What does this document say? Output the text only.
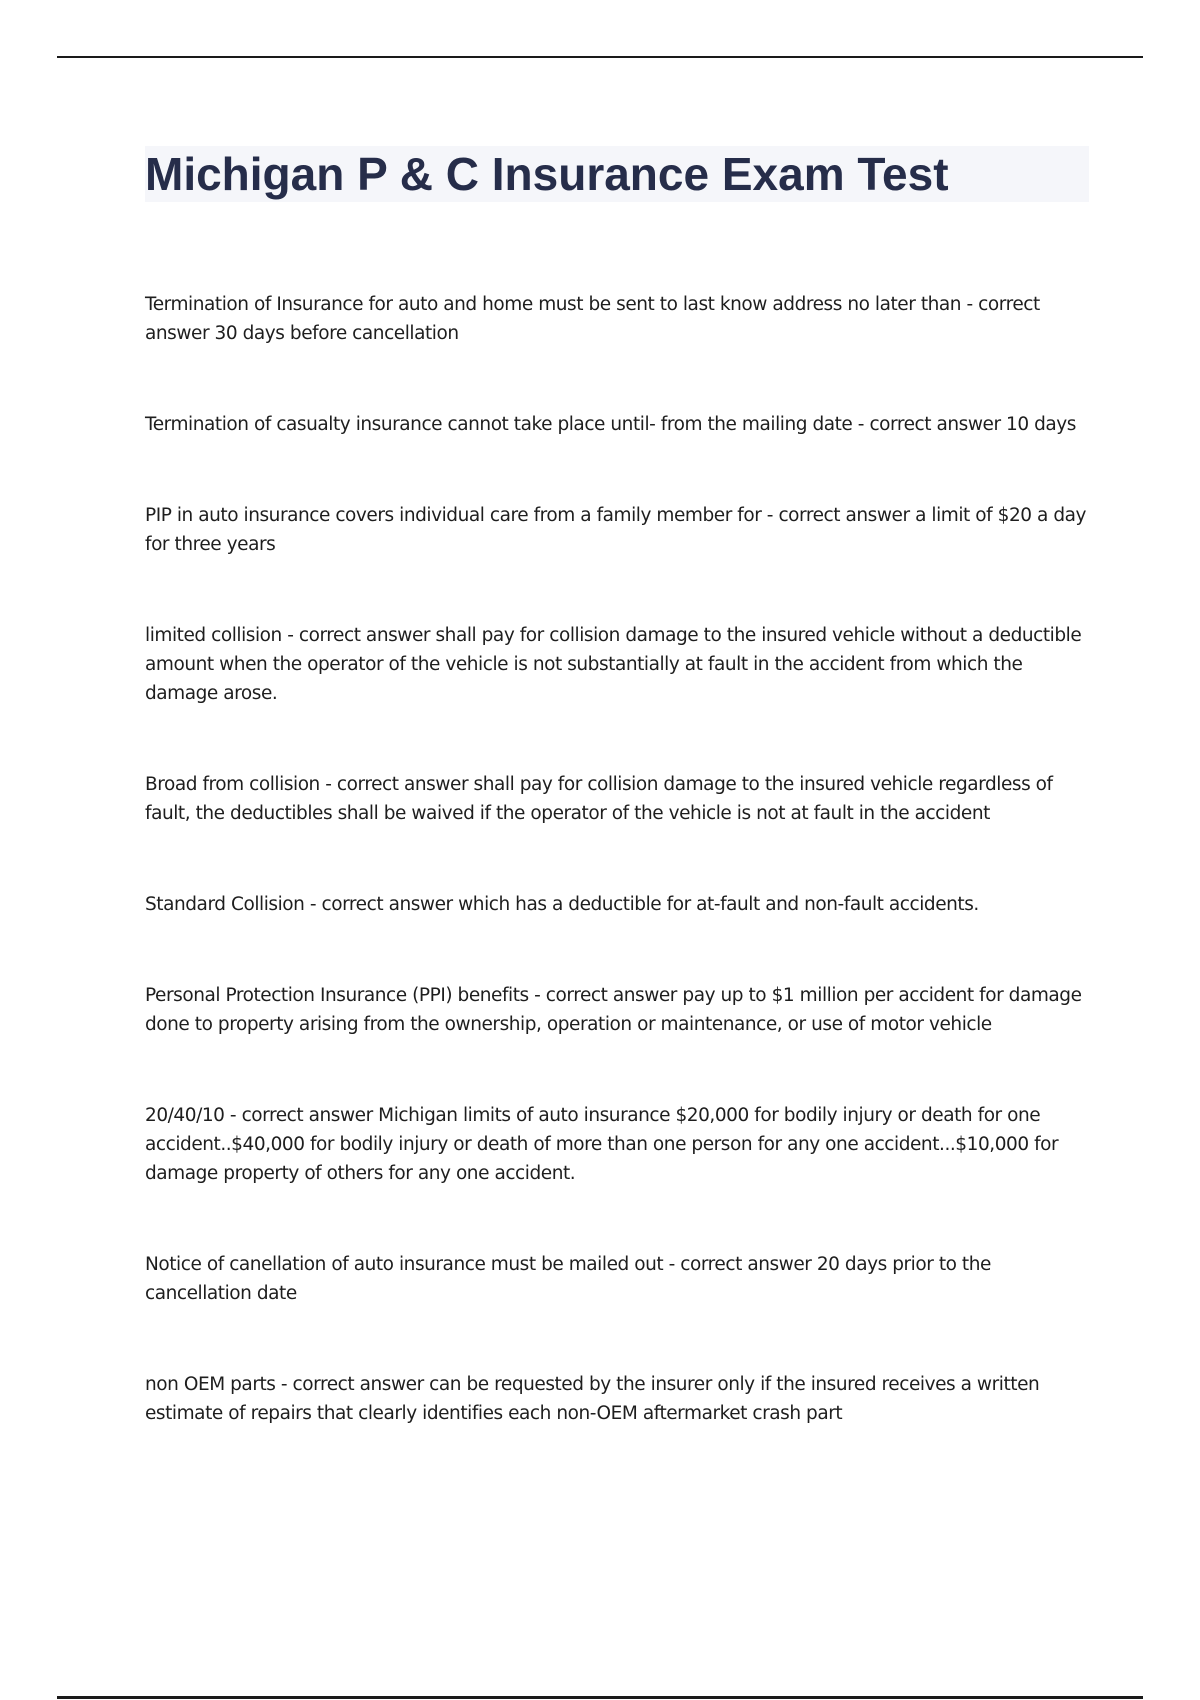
Michigan P & C Insurance Exam Test

Termination of Insurance for auto and home must be sent to last know address no later than - correct answer 30 days before cancellation

Termination of casualty insurance cannot take place until- from the mailing date - correct answer 10 days

PIP in auto insurance covers individual care from a family member for - correct answer a limit of $20 a day for three years

limited collision - correct answer shall pay for collision damage to the insured vehicle without a deductible amount when the operator of the vehicle is not substantially at fault in the accident from which the damage arose.

Broad from collision - correct answer shall pay for collision damage to the insured vehicle regardless of fault, the deductibles shall be waived if the operator of the vehicle is not at fault in the accident

Standard Collision - correct answer which has a deductible for at-fault and non-fault accidents.

Personal Protection Insurance (PPI) benefits - correct answer pay up to $1 million per accident for damage done to property arising from the ownership, operation or maintenance, or use of motor vehicle

20/40/10 - correct answer Michigan limits of auto insurance $20,000 for bodily injury or death for one accident..$40,000 for bodily injury or death of more than one person for any one accident...$10,000 for damage property of others for any one accident.

Notice of canellation of auto insurance must be mailed out - correct answer 20 days prior to the cancellation date

non OEM parts - correct answer can be requested by the insurer only if the insured receives a written estimate of repairs that clearly identifies each non-OEM aftermarket crash part
